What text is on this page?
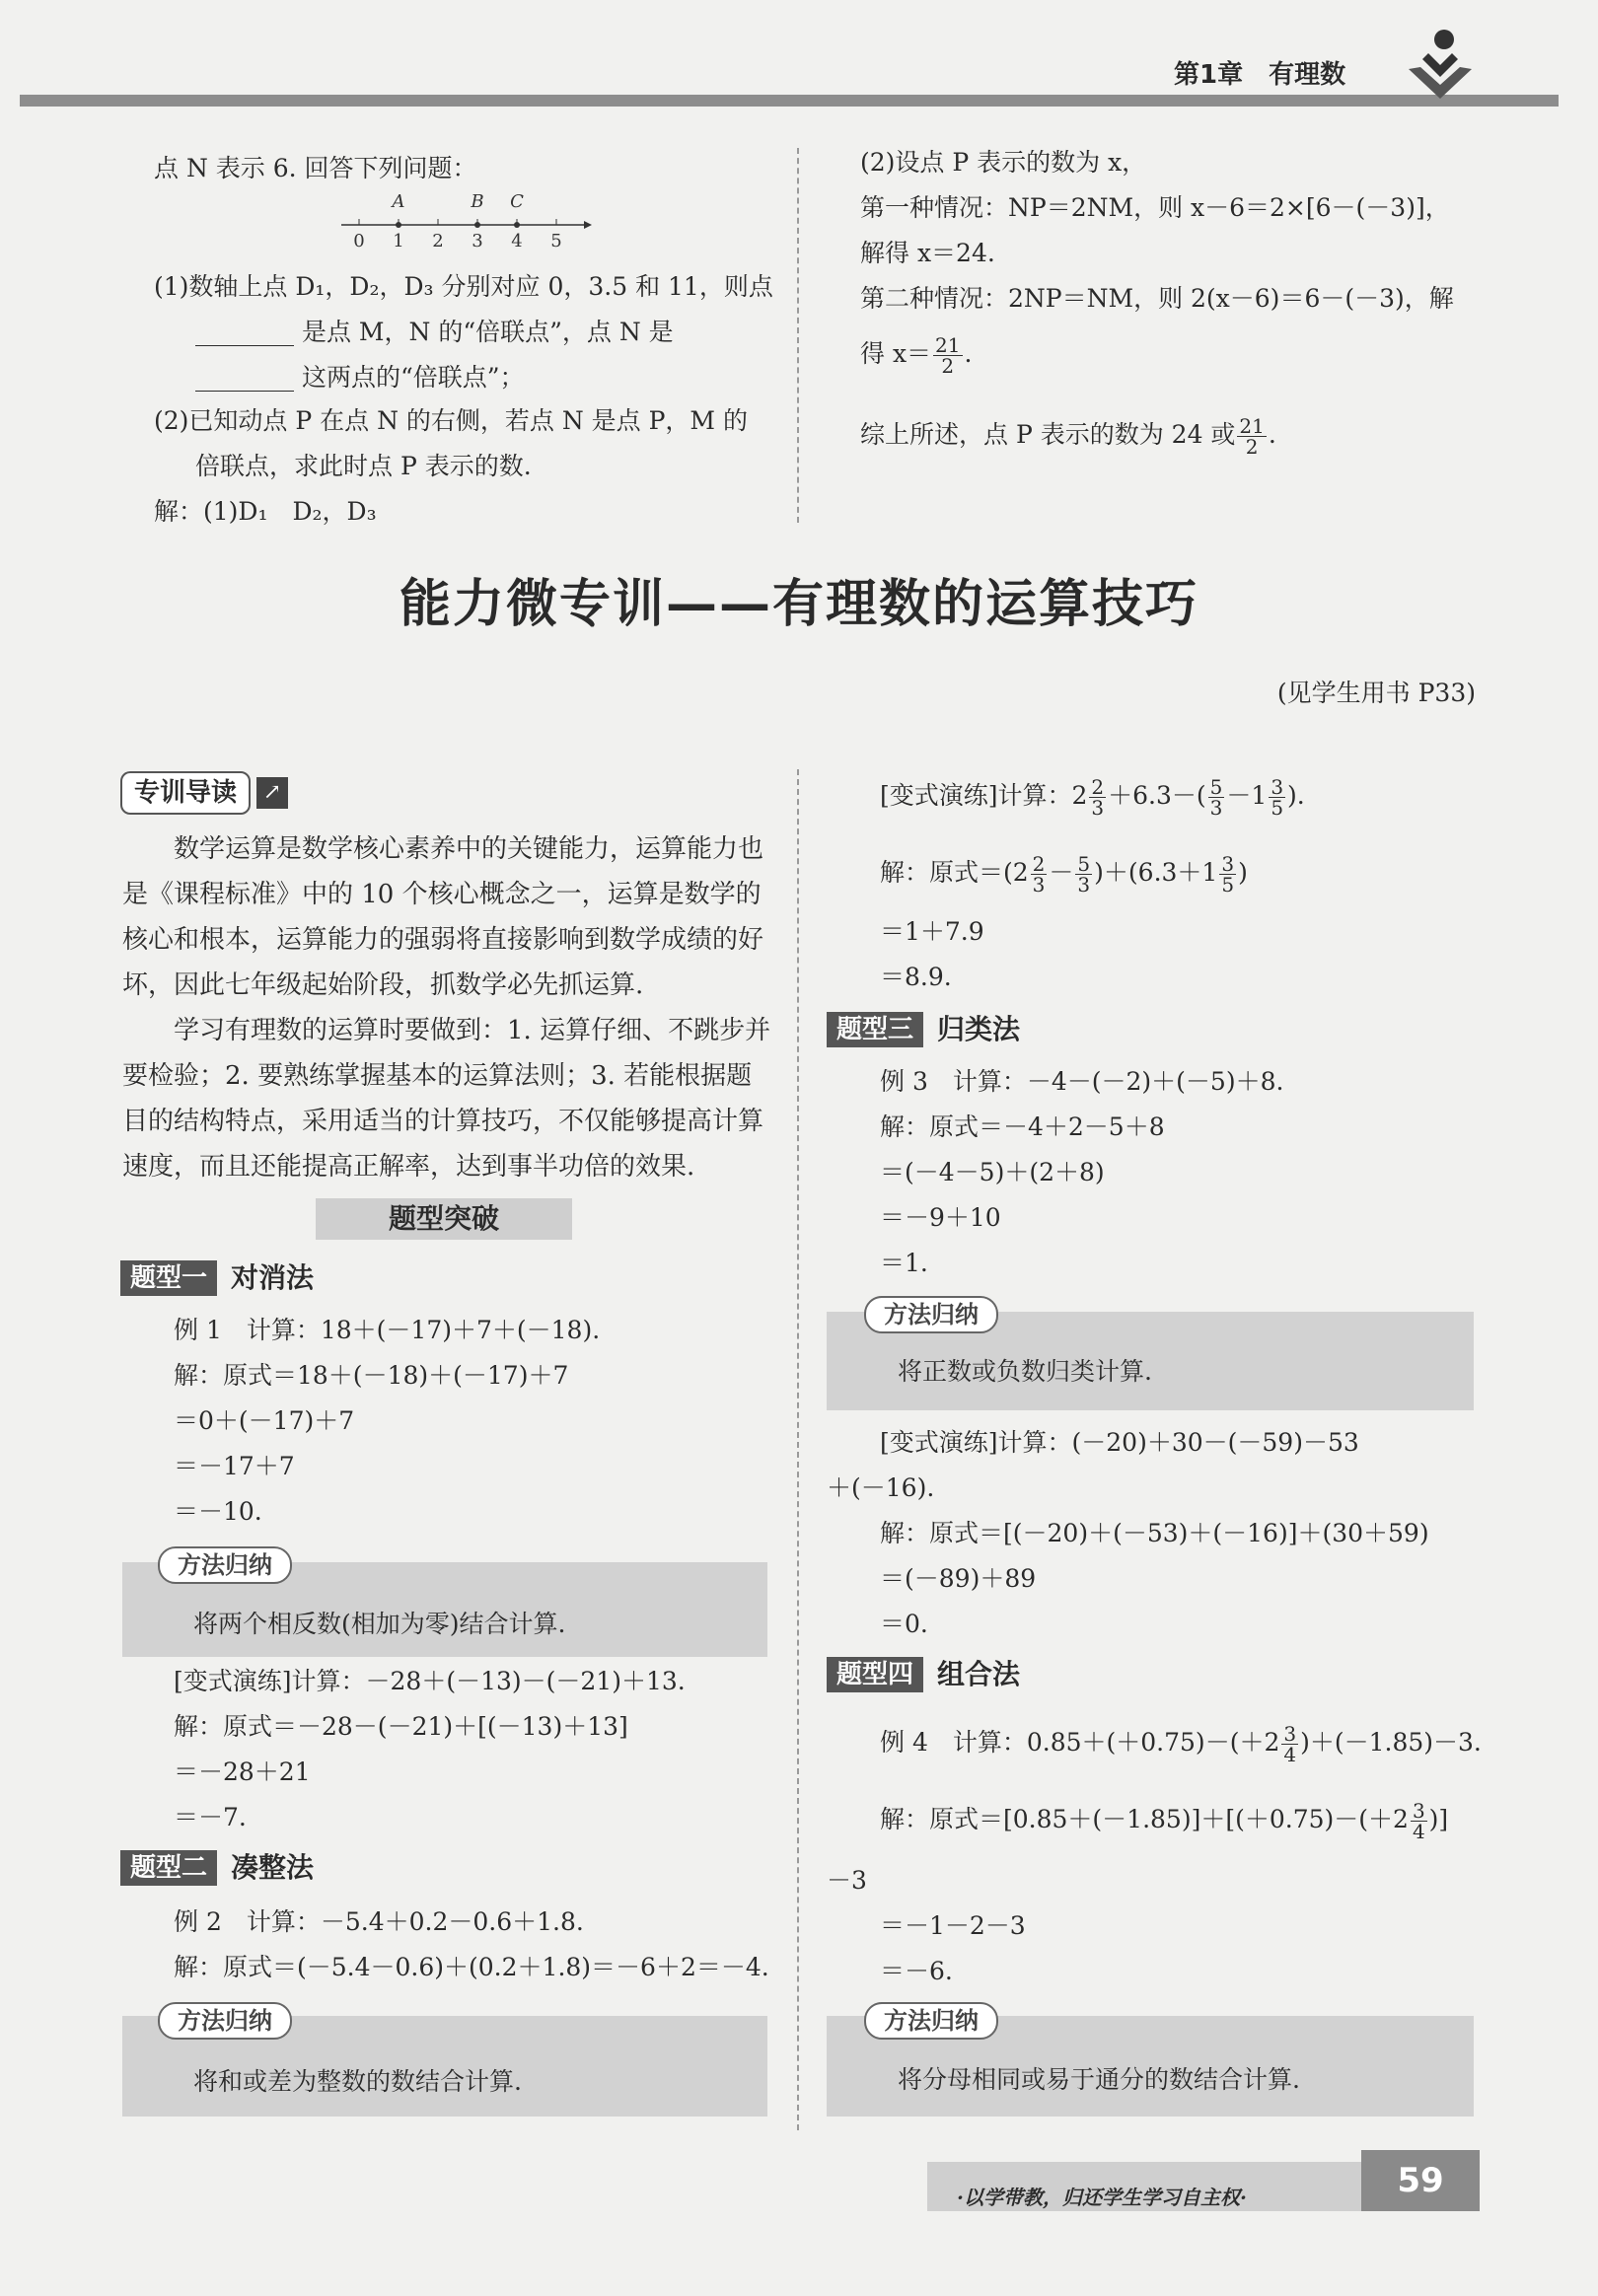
第1章　有理数
点 N 表示 6. 回答下列问题：
0 1 2 3 4 5
A	B C
(1)数轴上点 D₁，D₂，D₃ 分别对应 0，3.5 和 11，则点
________ 是点 M，N 的“倍联点”，点 N 是
________ 这两点的“倍联点”；
(2)已知动点 P 在点 N 的右侧，若点 N 是点 P，M 的
倍联点，求此时点 P 表示的数.
解：(1)D₁　D₂，D₃
(2)设点 P 表示的数为 x，
第一种情况：NP＝2NM，则 x－6＝2×[6－(－3)]，
解得 x＝24.
第二种情况：2NP＝NM，则 2(x－6)＝6－(－3)，解
得 $x= \frac{21}{2}$ .
综上所述，点 P 表示的数为 24 或 $\frac{21}{2}$ .
能力微专训——有理数的运算技巧
(见学生用书 P33)
专训导读	↗
数学运算是数学核心素养中的关键能力，运算能力也是《课程标准》中的 10 个核心概念之一，运算是数学的核心和根本，运算能力的强弱将直接影响到数学成绩的好坏，因此七年级起始阶段，抓数学必先抓运算.
学习有理数的运算时要做到：1. 运算仔细、不跳步并要检验；2. 要熟练掌握基本的运算法则；3. 若能根据题目的结构特点，采用适当的计算技巧，不仅能够提高计算速度，而且还能提高正解率，达到事半功倍的效果.
题型突破
题型一 对消法
例 1　计算：18＋(－17)＋7＋(－18).
解：原式＝18＋(－18)＋(－17)＋7
＝0＋(－17)＋7
＝－17＋7
＝－10.
方法归纳
将两个相反数(相加为零)结合计算.
[变式演练]计算：－28＋(－13)－(－21)＋13.
解：原式＝－28－(－21)＋[(－13)＋13]
＝－28＋21
＝－7.
题型二 凑整法
例 2　计算：－5.4＋0.2－0.6＋1.8.
解：原式＝(－5.4－0.6)＋(0.2＋1.8)＝－6＋2＝－4.
方法归纳
将和或差为整数的数结合计算.
[变式演练]计算：$2 \frac{2}{3} +6.3-( \frac{5}{3} -1 \frac{3}{5}$ ).
解：原式$=(2 \frac{2}{3} - \frac{5}{3} )+(6.3+1 \frac{3}{5}$ )
＝1＋7.9
＝8.9.
题型三 归类法
例 3　计算：－4－(－2)＋(－5)＋8.
解：原式＝－4＋2－5＋8
＝(－4－5)＋(2＋8)
＝－9＋10
＝1.
方法归纳
将正数或负数归类计算.
[变式演练]计算：(－20)＋30－(－59)－53
＋(－16).
解：原式＝[(－20)＋(－53)＋(－16)]＋(30＋59)
＝(－89)＋89
＝0.
题型四 组合法
例 4　计算：$0.85+(+0.75)-(+2 \frac{3}{4} )+(-1.85)-3$.
解：原式$=[0.85+(-1.85)]+[(+0.75)-(+2 \frac{3}{4}$ )]
－3
＝－1－2－3
＝－6.
方法归纳
将分母相同或易于通分的数结合计算.
·以学带教，归还学生学习自主权·	59
